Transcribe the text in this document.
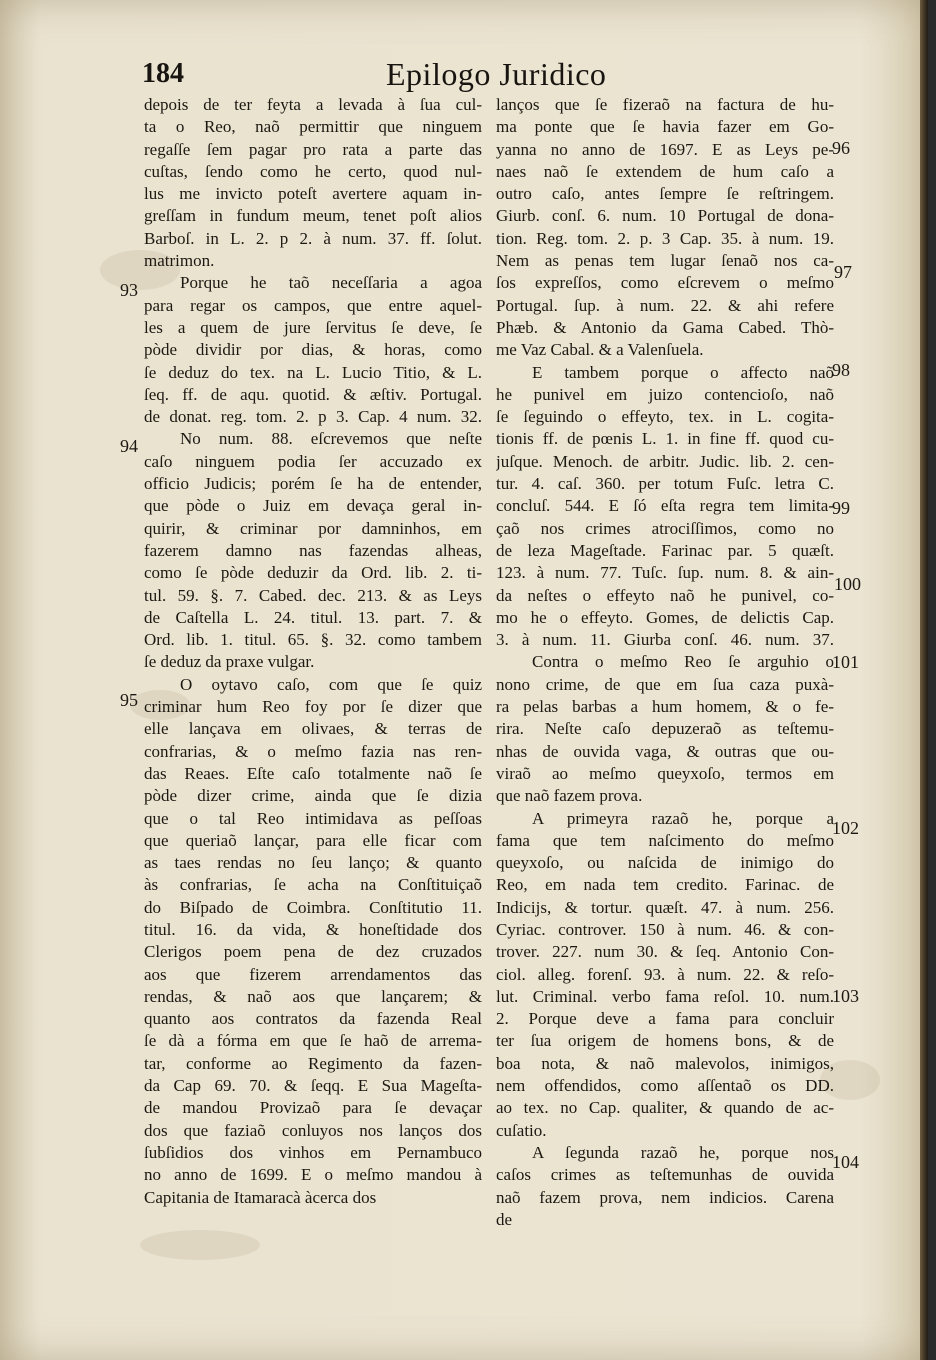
184	Epilogo Juridico
depois de ter feyta a levada à ſua cul-
ta o Reo, naõ permittir que ninguem
regaſſe ſem pagar pro rata a parte das
cuſtas, ſendo como he certo, quod nul-
lus me invicto poteſt avertere aquam in-
greſſam in fundum meum, tenet poſt alios
Barboſ. in L. 2. p 2. à num. 37. ff. ſolut.
matrimon.
Porque he taõ neceſſaria a agoa
para regar os campos, que entre aquel-
les a quem de jure ſervitus ſe deve, ſe
pòde dividir por dias, & horas, como
ſe deduz do tex. na L. Lucio Titio, & L.
ſeq. ff. de aqu. quotid. & æſtiv. Portugal.
de donat. reg. tom. 2. p 3. Cap. 4 num. 32.
No num. 88. eſcrevemos que neſte
caſo ninguem podia ſer accuzado ex
officio Judicis; porém ſe ha de entender,
que pòde o Juiz em devaça geral in-
quirir, & criminar por damninhos, em
fazerem damno nas fazendas alheas,
como ſe pòde deduzir da Ord. lib. 2. ti-
tul. 59. §. 7. Cabed. dec. 213. & as Leys
de Caſtella L. 24. titul. 13. part. 7. &
Ord. lib. 1. titul. 65. §. 32. como tambem
ſe deduz da praxe vulgar.
O oytavo caſo, com que ſe quiz
criminar hum Reo foy por ſe dizer que
elle lançava em olivaes, & terras de
confrarias, & o meſmo fazia nas ren-
das Reaes. Eſte caſo totalmente naõ ſe
pòde dizer crime, ainda que ſe dizia
que o tal Reo intimidava as peſſoas
que queriaõ lançar, para elle ficar com
as taes rendas no ſeu lanço; & quanto
às confrarias, ſe acha na Conſtituiçaõ
do Biſpado de Coimbra. Conſtitutio 11.
titul. 16. da vida, & honeſtidade dos
Clerigos poem pena de dez cruzados
aos que fizerem arrendamentos das
rendas, & naõ aos que lançarem; &
quanto aos contratos da fazenda Real
ſe dà a fórma em que ſe haõ de arrema-
tar, conforme ao Regimento da fazen-
da Cap 69. 70. & ſeqq. E Sua Mageſta-
de mandou Provizaõ para ſe devaçar
dos que faziaõ conluyos nos lanços dos
ſubſidios dos vinhos em Pernambuco
no anno de 1699. E o meſmo mandou à
Capitania de Itamaracà àcerca dos
lanços que ſe fizeraõ na factura de hu-
ma ponte que ſe havia fazer em Go-
yanna no anno de 1697. E as Leys pe-
naes naõ ſe extendem de hum caſo a
outro caſo, antes ſempre ſe reſtringem.
Giurb. conſ. 6. num. 10 Portugal de dona-
tion. Reg. tom. 2. p. 3 Cap. 35. à num. 19.
Nem as penas tem lugar ſenaõ nos ca-
ſos expreſſos, como eſcrevem o meſmo
Portugal. ſup. à num. 22. & ahi refere
Phæb. & Antonio da Gama Cabed. Thò-
me Vaz Cabal. & a Valenſuela.
E tambem porque o affecto naõ
he punivel em juizo contencioſo, naõ
ſe ſeguindo o effeyto, tex. in L. cogita-
tionis ff. de pœnis L. 1. in fine ff. quod cu-
juſque. Menoch. de arbitr. Judic. lib. 2. cen-
tur. 4. caſ. 360. per totum Fuſc. letra C.
concluſ. 544. E ſó eſta regra tem limita-
çaõ nos crimes atrociſſimos, como no
de leza Mageſtade. Farinac par. 5 quæſt.
123. à num. 77. Tuſc. ſup. num. 8. & ain-
da neſtes o effeyto naõ he punivel, co-
mo he o effeyto. Gomes, de delictis Cap.
3. à num. 11. Giurba conſ. 46. num. 37.
Contra o meſmo Reo ſe arguhio o
nono crime, de que em ſua caza puxà-
ra pelas barbas a hum homem, & o fe-
rira. Neſte caſo depuzeraõ as teſtemu-
nhas de ouvida vaga, & outras que ou-
viraõ ao meſmo queyxoſo, termos em
que naõ fazem prova.
A primeyra razaõ he, porque a
fama que tem naſcimento do meſmo
queyxoſo, ou naſcida de inimigo do
Reo, em nada tem credito. Farinac. de
Indicijs, & tortur. quæſt. 47. à num. 256.
Cyriac. controver. 150 à num. 46. & con-
trover. 227. num 30. & ſeq. Antonio Con-
ciol. alleg. forenſ. 93. à num. 22. & reſo-
lut. Criminal. verbo fama reſol. 10. num.
2. Porque deve a fama para concluir
ter ſua origem de homens bons, & de
boa nota, & naõ malevolos, inimigos,
nem offendidos, como aſſentaõ os DD.
ao tex. no Cap. qualiter, & quando de ac-
cuſatio.
A ſegunda razaõ he, porque nos
caſos crimes as teſtemunhas de ouvida
naõ fazem prova, nem indicios. Carena
de
93
94
95
96
97
98
99
100
101
102
103
104
